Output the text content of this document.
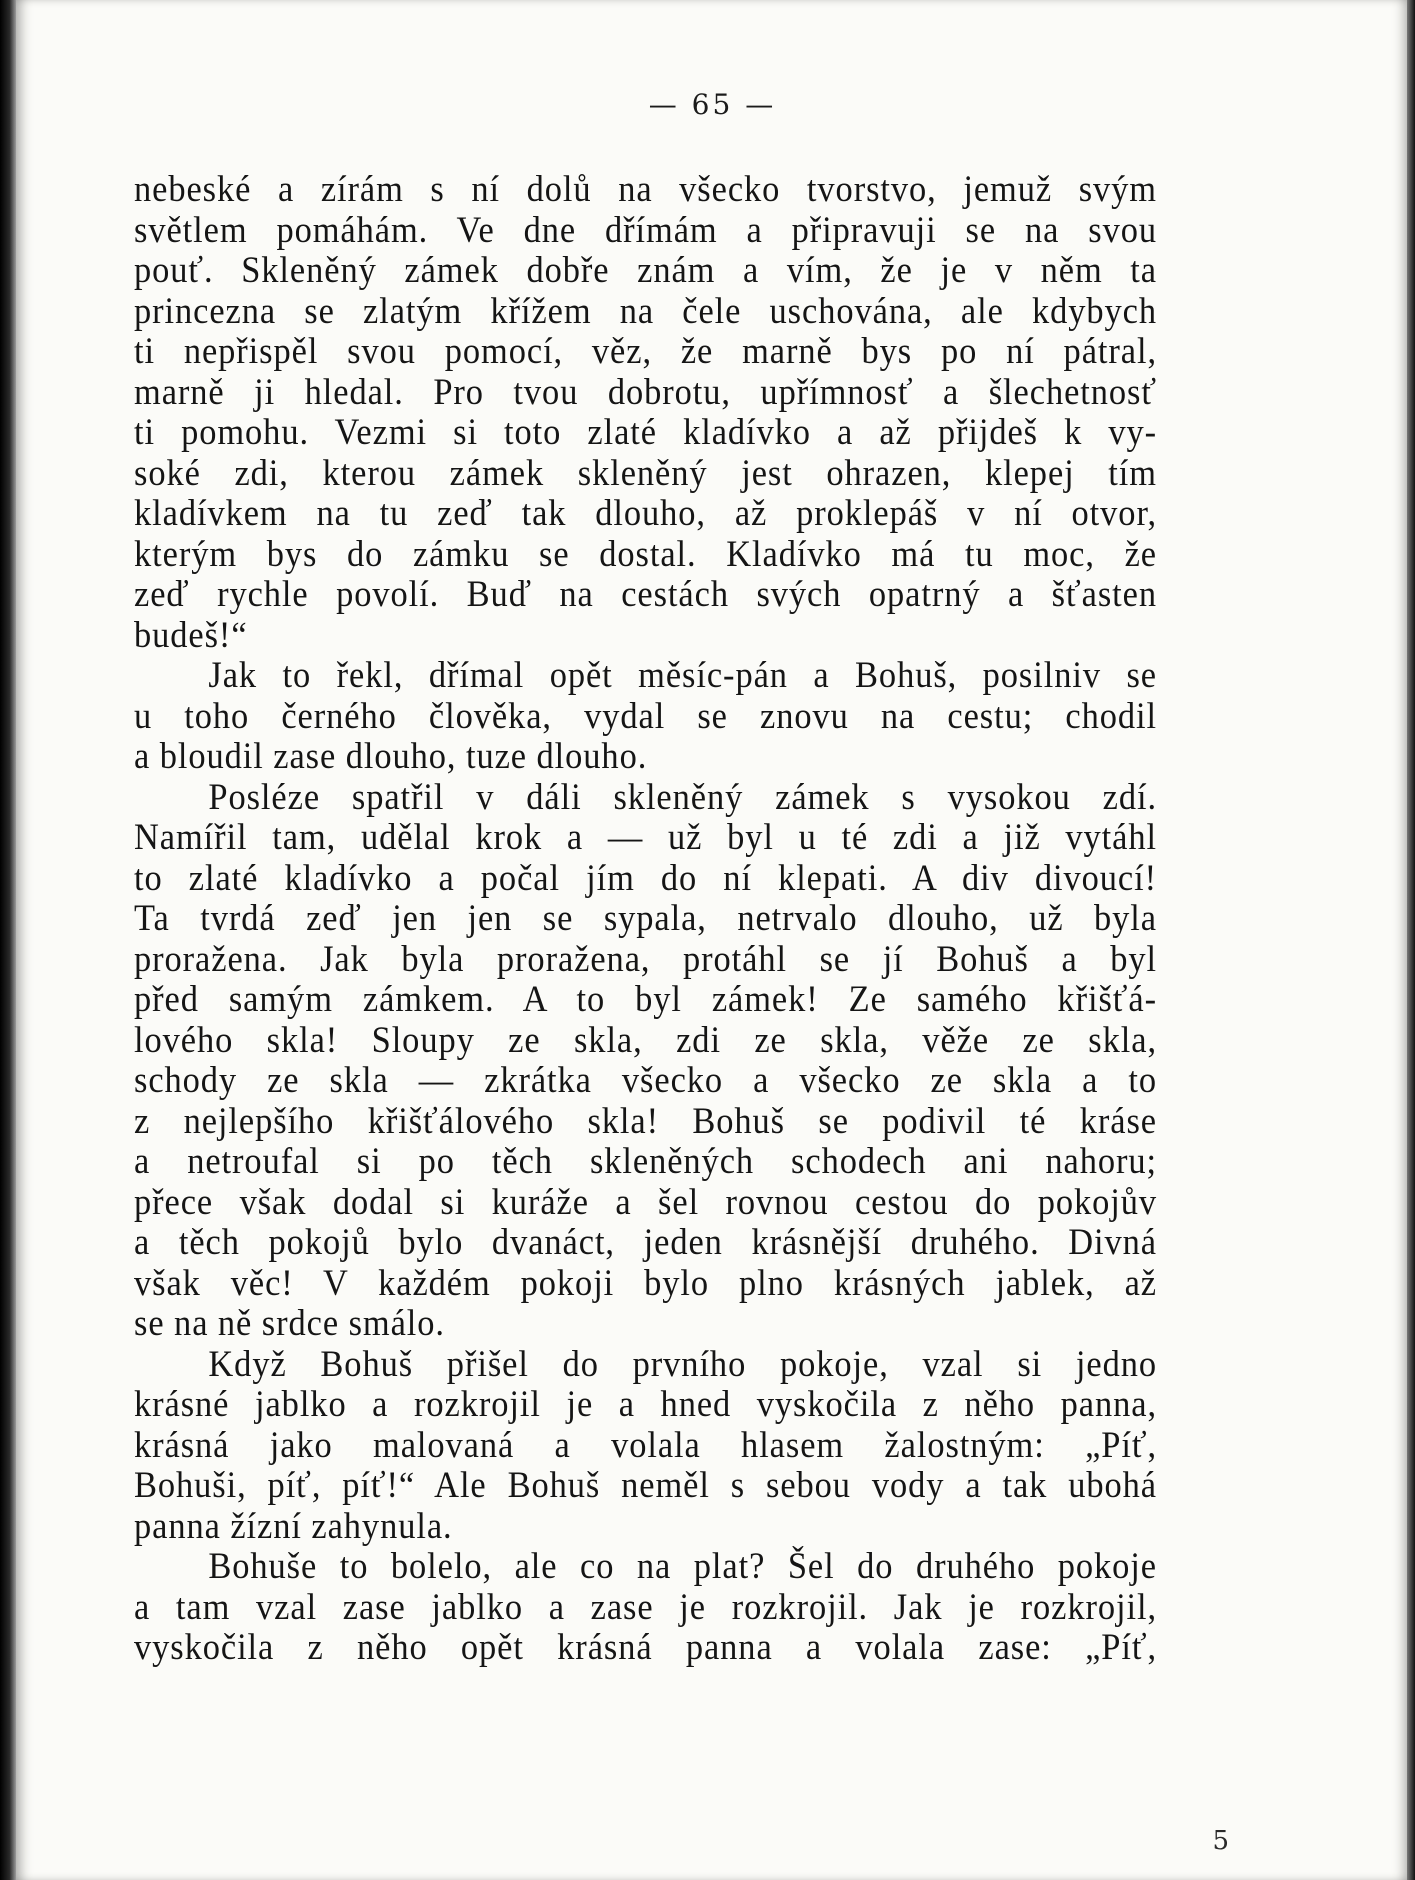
— 65 —
nebeské a zírám s ní dolů na všecko tvorstvo, jemuž svým
světlem pomáhám. Ve dne dřímám a připravuji se na svou
pouť. Skleněný zámek dobře znám a vím, že je v něm ta
princezna se zlatým křížem na čele uschována, ale kdybych
ti nepřispěl svou pomocí, věz, že marně bys po ní pátral,
marně ji hledal. Pro tvou dobrotu, upřímnosť a šlechetnosť
ti pomohu. Vezmi si toto zlaté kladívko a až přijdeš k vy-
soké zdi, kterou zámek skleněný jest ohrazen, klepej tím
kladívkem na tu zeď tak dlouho, až proklepáš v ní otvor,
kterým bys do zámku se dostal. Kladívko má tu moc, že
zeď rychle povolí. Buď na cestách svých opatrný a šťasten
budeš!“
Jak to řekl, dřímal opět měsíc-pán a Bohuš, posilniv se
u toho černého člověka, vydal se znovu na cestu; chodil
a bloudil zase dlouho, tuze dlouho.
Posléze spatřil v dáli skleněný zámek s vysokou zdí.
Namířil tam, udělal krok a — už byl u té zdi a již vytáhl
to zlaté kladívko a počal jím do ní klepati. A div divoucí!
Ta tvrdá zeď jen jen se sypala, netrvalo dlouho, už byla
proražena. Jak byla proražena, protáhl se jí Bohuš a byl
před samým zámkem. A to byl zámek! Ze samého křišťá-
lového skla! Sloupy ze skla, zdi ze skla, věže ze skla,
schody ze skla — zkrátka všecko a všecko ze skla a to
z nejlepšího křišťálového skla! Bohuš se podivil té kráse
a netroufal si po těch skleněných schodech ani nahoru;
přece však dodal si kuráže a šel rovnou cestou do pokojův
a těch pokojů bylo dvanáct, jeden krásnější druhého. Divná
však věc! V každém pokoji bylo plno krásných jablek, až
se na ně srdce smálo.
Když Bohuš přišel do prvního pokoje, vzal si jedno
krásné jablko a rozkrojil je a hned vyskočila z něho panna,
krásná jako malovaná a volala hlasem žalostným: „Píť,
Bohuši, píť, píť!“ Ale Bohuš neměl s sebou vody a tak ubohá
panna žízní zahynula.
Bohuše to bolelo, ale co na plat? Šel do druhého pokoje
a tam vzal zase jablko a zase je rozkrojil. Jak je rozkrojil,
vyskočila z něho opět krásná panna a volala zase: „Píť,
5
